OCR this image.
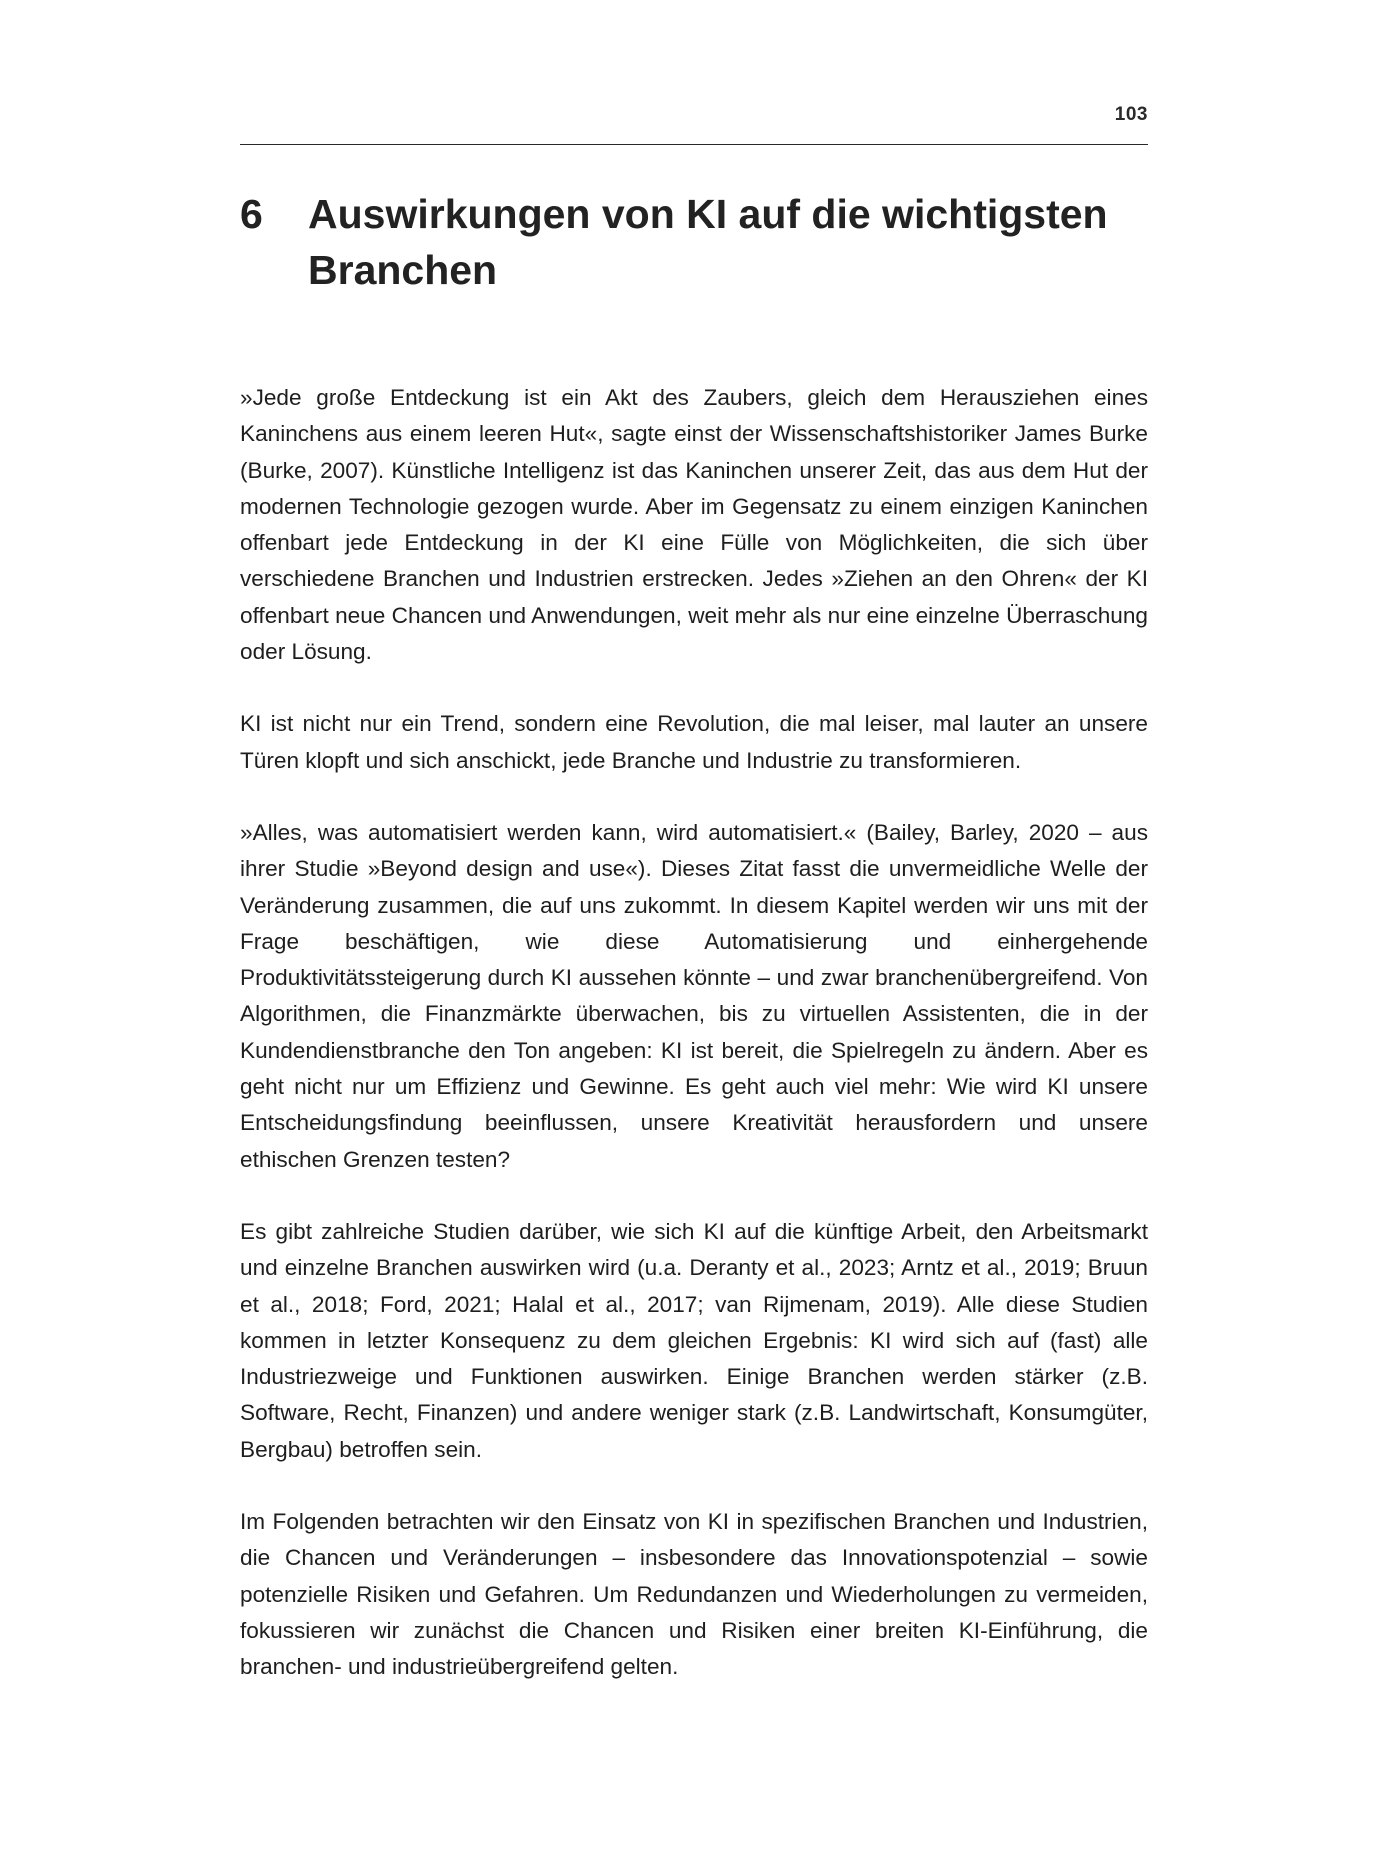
103
6 Auswirkungen von KI auf die wichtigsten Branchen

»Jede große Entdeckung ist ein Akt des Zaubers, gleich dem Herausziehen eines Kaninchens aus einem leeren Hut«, sagte einst der Wissenschaftshistoriker James Burke (Burke, 2007). Künstliche Intelligenz ist das Kaninchen unserer Zeit, das aus dem Hut der modernen Technologie gezogen wurde. Aber im Gegensatz zu einem einzigen Kaninchen offenbart jede Entdeckung in der KI eine Fülle von Möglichkeiten, die sich über verschiedene Branchen und Industrien erstrecken. Jedes »Ziehen an den Ohren« der KI offenbart neue Chancen und Anwendungen, weit mehr als nur eine einzelne Überraschung oder Lösung.

KI ist nicht nur ein Trend, sondern eine Revolution, die mal leiser, mal lauter an unsere Türen klopft und sich anschickt, jede Branche und Industrie zu transformieren.

»Alles, was automatisiert werden kann, wird automatisiert.« (Bailey, Barley, 2020 – aus ihrer Studie »Beyond design and use«). Dieses Zitat fasst die unvermeidliche Welle der Veränderung zusammen, die auf uns zukommt. In diesem Kapitel werden wir uns mit der Frage beschäftigen, wie diese Automatisierung und einhergehende Produktivitätssteigerung durch KI aussehen könnte – und zwar branchenübergreifend. Von Algorithmen, die Finanzmärkte überwachen, bis zu virtuellen Assistenten, die in der Kundendienstbranche den Ton angeben: KI ist bereit, die Spielregeln zu ändern. Aber es geht nicht nur um Effizienz und Gewinne. Es geht auch viel mehr: Wie wird KI unsere Entscheidungsfindung beeinflussen, unsere Kreativität herausfordern und unsere ethischen Grenzen testen?

Es gibt zahlreiche Studien darüber, wie sich KI auf die künftige Arbeit, den Arbeitsmarkt und einzelne Branchen auswirken wird (u.a. Deranty et al., 2023; Arntz et al., 2019; Bruun et al., 2018; Ford, 2021; Halal et al., 2017; van Rijmenam, 2019). Alle diese Studien kommen in letzter Konsequenz zu dem gleichen Ergebnis: KI wird sich auf (fast) alle Industriezweige und Funktionen auswirken. Einige Branchen werden stärker (z.B. Software, Recht, Finanzen) und andere weniger stark (z.B. Landwirtschaft, Konsumgüter, Bergbau) betroffen sein.

Im Folgenden betrachten wir den Einsatz von KI in spezifischen Branchen und Industrien, die Chancen und Veränderungen – insbesondere das Innovationspotenzial – sowie potenzielle Risiken und Gefahren. Um Redundanzen und Wiederholungen zu vermeiden, fokussieren wir zunächst die Chancen und Risiken einer breiten KI-Einführung, die branchen- und industrieübergreifend gelten.
